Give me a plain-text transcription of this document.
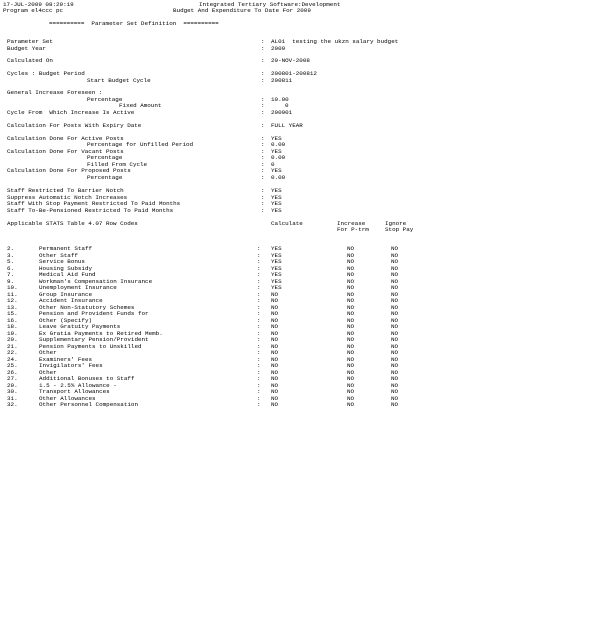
17-JUL-2009 08:29:19

	Integrated Tertiary Software:Development

Program el4ccc pc

	Budget And Expenditure To Date For 2009

==========  Parameter Set Definition  ==========

Parameter Set

	:

AL01  testing the ukzn salary budget

Budget Year

	:

2009

Calculated On

	:

20-NOV-2008

Cycles : Budget Period

	:

200801-200812

Start Budget Cycle

	:

200811

General Increase Foreseen :

Percentage

	:

10.00

Fixed Amount

	:

	0

Cycle From  Which Increase Is Active

	:

200901

Calculation For Posts With Expiry Date

	:

FULL YEAR

Calculation Done For Active Posts

	:

YES

Percentage for Unfilled Period

	:

0.00

Calculation Done For Vacant Posts

	:

YES

Percentage

	:

0.00

Filled From Cycle

	:

0

Calculation Done For Proposed Posts

	:

YES

Percentage

	:

0.00

Staff Restricted To Barrier Notch

	:

YES

Suppress Automatic Notch Increases

	:

YES

Staff With Stop Payment Restricted To Paid Months

	:

YES

Staff To-Be-Pensioned Restricted To Paid Months

	:

YES

Applicable STATS Table 4.07 Row Codes

	Calculate

	Increase

For P-trm

Ignore

Stop Pay

2.	Permanent Staff	: YES	NO	NO
3.	Other Staff	: YES	NO	NO
5.	Service Bonus	: YES	NO	NO
6.	Housing Subsidy	: YES	NO	NO
7.	Medical Aid Fund	: YES	NO	NO
9.	Workman's Compensation Insurance	: YES	NO	NO
10.	Unemployment Insurance	: YES	NO	NO
11.	Group Insurance	: NO	NO	NO
12.	Accident Insurance	: NO	NO	NO
13.	Other Non-Statutory Schemes	: NO	NO	NO
15.	Pension and Provident Funds for	: NO	NO	NO
16.	Other (Specify)	: NO	NO	NO
18.	Leave Gratuity Payments	: NO	NO	NO
19.	Ex Gratia Payments to Retired Memb.	: NO	NO	NO
20.	Supplementary Pension/Provident	: NO	NO	NO
21.	Pension Payments to Unskilled	: NO	NO	NO
22.	Other	: NO	NO	NO
24.	Examiners' Fees	: NO	NO	NO
25.	Invigilators' Fees	: NO	NO	NO
26.	Other	: NO	NO	NO
27.	Additional Bonuses to Staff	: NO	NO	NO
29.	1.5 - 2.5% Allowance -	: NO	NO	NO
30.	Transport Allowances	: NO	NO	NO
31.	Other Allowances	: NO	NO	NO
32.	Other Personnel Compensation	: NO	NO	NO
